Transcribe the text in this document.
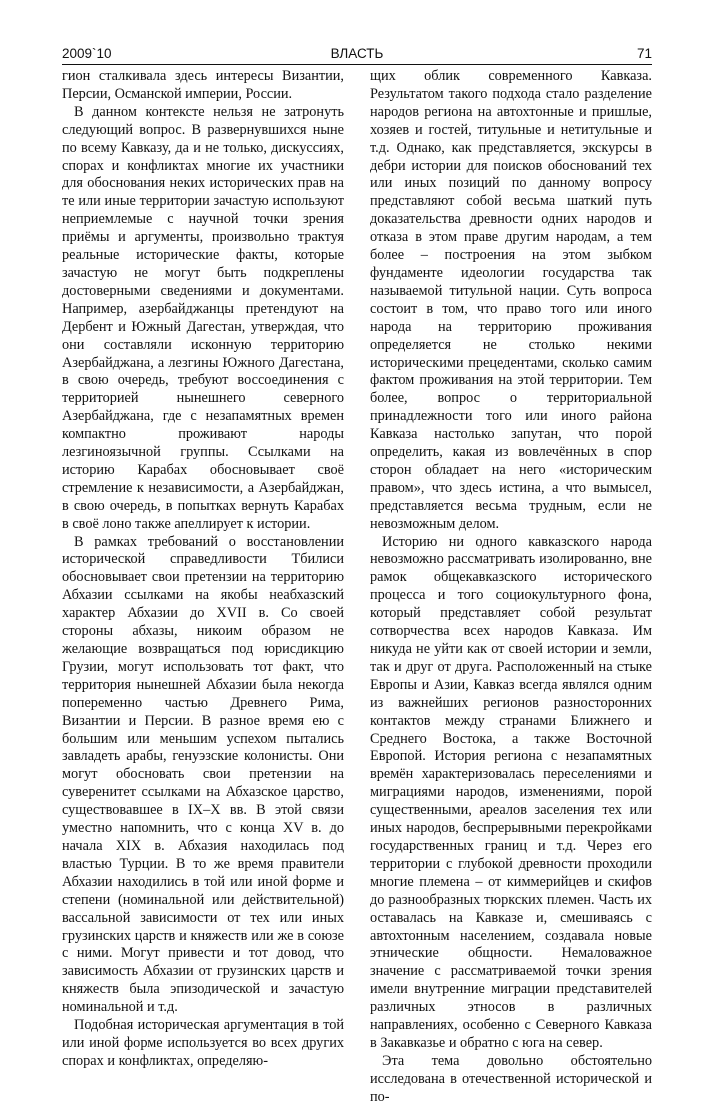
2009`10	ВЛАСТЬ	71

гион сталкивала здесь интересы Византии, Персии, Османской империи, России.

В данном контексте нельзя не затронуть следующий вопрос. В развернувшихся ныне по всему Кавказу, да и не только, дискуссиях, спорах и конфликтах многие их участники для обоснования неких исторических прав на те или иные территории зачастую используют неприемлемые с научной точки зрения приёмы и аргументы, произвольно трактуя реальные исторические факты, которые зачастую не могут быть подкреплены достоверными сведениями и документами. Например, азербайджанцы претендуют на Дербент и Южный Дагестан, утверждая, что они составляли исконную территорию Азербайджана, а лезгины Южного Дагестана, в свою очередь, требуют воссоединения с территорией нынешнего северного Азербайджана, где с незапамятных времен компактно проживают народы лезгиноязычной группы. Ссылками на историю Карабах обосновывает своё стремление к независимости, а Азербайджан, в свою очередь, в попытках вернуть Карабах в своё лоно также апеллирует к истории.

В рамках требований о восстановлении исторической справедливости Тбилиси обосновывает свои претензии на территорию Абхазии ссылками на якобы неабхазский характер Абхазии до XVII в. Со своей стороны абхазы, никоим образом не желающие возвращаться под юрисдикцию Грузии, могут использовать тот факт, что территория нынешней Абхазии была некогда попеременно частью Древнего Рима, Византии и Персии. В разное время ею с большим или меньшим успехом пытались завладеть арабы, генуэзские колонисты. Они могут обосновать свои претензии на суверенитет ссылками на Абхазское царство, существовавшее в IX–X вв. В этой связи уместно напомнить, что с конца XV в. до начала XIX в. Абхазия находилась под властью Турции. В то же время правители Абхазии находились в той или иной форме и степени (номинальной или действительной) вассальной зависимости от тех или иных грузинских царств и княжеств или же в союзе с ними. Могут привести и тот довод, что зависимость Абхазии от грузинских царств и княжеств была эпизодической и зачастую номинальной и т.д.

Подобная историческая аргументация в той или иной форме используется во всех других спорах и конфликтах, определяю-

щих облик современного Кавказа. Результатом такого подхода стало разделение народов региона на автохтонные и пришлые, хозяев и гостей, титульные и нетитульные и т.д. Однако, как представляется, экскурсы в дебри истории для поисков обоснований тех или иных позиций по данному вопросу представляют собой весьма шаткий путь доказательства древности одних народов и отказа в этом праве другим народам, а тем более – построения на этом зыбком фундаменте идеологии государства так называемой титульной нации. Суть вопроса состоит в том, что право того или иного народа на территорию проживания определяется не столько некими историческими прецедентами, сколько самим фактом проживания на этой территории. Тем более, вопрос о территориальной принадлежности того или иного района Кавказа настолько запутан, что порой определить, какая из вовлечённых в спор сторон обладает на него «историческим правом», что здесь истина, а что вымысел, представляется весьма трудным, если не невозможным делом.

Историю ни одного кавказского народа невозможно рассматривать изолированно, вне рамок общекавказского исторического процесса и того социокультурного фона, который представляет собой результат сотворчества всех народов Кавказа. Им никуда не уйти как от своей истории и земли, так и друг от друга. Расположенный на стыке Европы и Азии, Кавказ всегда являлся одним из важнейших регионов разносторонних контактов между странами Ближнего и Среднего Востока, а также Восточной Европой. История региона с незапамятных времён характеризовалась переселениями и миграциями народов, изменениями, порой существенными, ареалов заселения тех или иных народов, беспрерывными перекройками государственных границ и т.д. Через его территории с глубокой древности проходили многие племена – от киммерийцев и скифов до разнообразных тюркских племен. Часть их оставалась на Кавказе и, смешиваясь с автохтонным населением, создавала новые этнические общности. Немаловажное значение с рассматриваемой точки зрения имели внутренние миграции представителей различных этносов в различных направлениях, особенно с Северного Кавказа в Закавказье и обратно с юга на север.

Эта тема довольно обстоятельно исследована в отечественной исторической и по-
